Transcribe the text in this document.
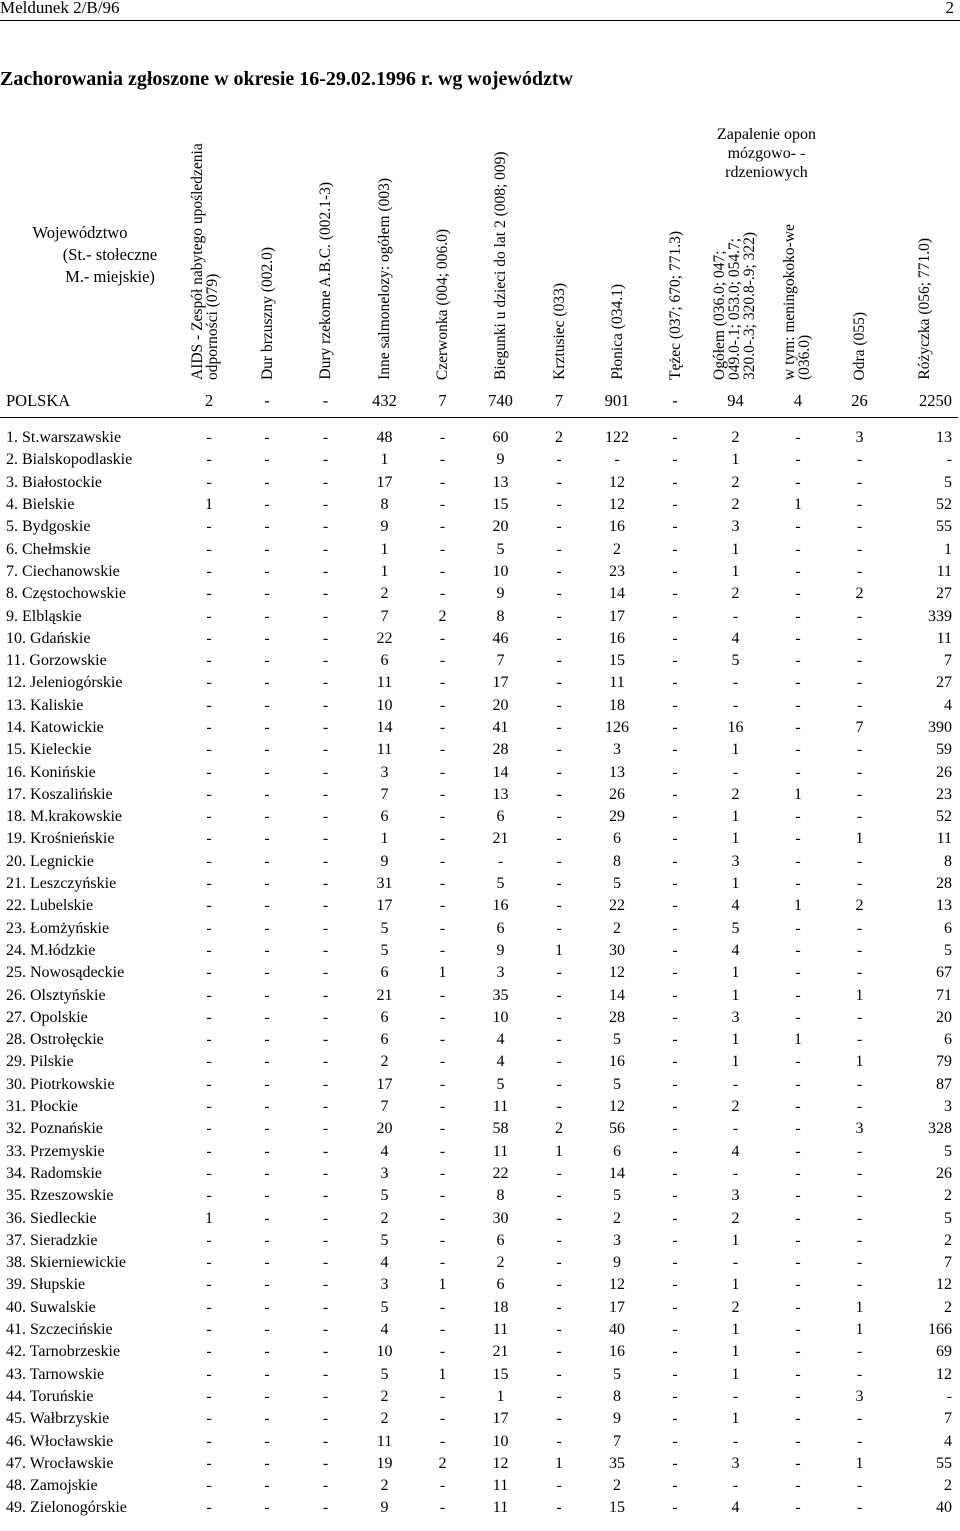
Meldunek 2/B/96	2
Zachorowania zgłoszone w okresie 16-29.02.1996 r. wg województw
Województwo
(St.- stołeczne
M.- miejskie)	AIDS - Zespół nabytego upośledzenia odporności (079)	Dur brzuszny (002.0)	Dury rzekome A.B.C. (002.1-3)	Inne salmonelozy: ogółem (003)	Czerwonka (004; 006.0)	Biegunki u dzieci do lat 2 (008; 009)	Krztusiec (033)	Płonica (034.1)	Tężec (037; 670; 771.3)	Zapalenie opon mózgowo- -rdzeniowych		Odra (055)	Różyczka (056; 771.0)
										Ogółem (036.0; 047; 049.0-.1; 053.0; 054.7; 320.0-.3; 320.8-.9; 322)	w tym: meningokoko-we (036.0)		
POLSKA	2	-	-	432	7	740	7	901	-	94	4	26	2250

1. St.warszawskie	-	-	-	48	-	60	2	122	-	2	-	3	13
2. Bialskopodlaskie	-	-	-	1	-	9	-	-	-	1	-	-	-
3. Białostockie	-	-	-	17	-	13	-	12	-	2	-	-	5
4. Bielskie	1	-	-	8	-	15	-	12	-	2	1	-	52
5. Bydgoskie	-	-	-	9	-	20	-	16	-	3	-	-	55
6. Chełmskie	-	-	-	1	-	5	-	2	-	1	-	-	1
7. Ciechanowskie	-	-	-	1	-	10	-	23	-	1	-	-	11
8. Częstochowskie	-	-	-	2	-	9	-	14	-	2	-	2	27
9. Elbląskie	-	-	-	7	2	8	-	17	-	-	-	-	339
10. Gdańskie	-	-	-	22	-	46	-	16	-	4	-	-	11
11. Gorzowskie	-	-	-	6	-	7	-	15	-	5	-	-	7
12. Jeleniogórskie	-	-	-	11	-	17	-	11	-	-	-	-	27
13. Kaliskie	-	-	-	10	-	20	-	18	-	-	-	-	4
14. Katowickie	-	-	-	14	-	41	-	126	-	16	-	7	390
15. Kieleckie	-	-	-	11	-	28	-	3	-	1	-	-	59
16. Konińskie	-	-	-	3	-	14	-	13	-	-	-	-	26
17. Koszalińskie	-	-	-	7	-	13	-	26	-	2	1	-	23
18. M.krakowskie	-	-	-	6	-	6	-	29	-	1	-	-	52
19. Krośnieńskie	-	-	-	1	-	21	-	6	-	1	-	1	11
20. Legnickie	-	-	-	9	-	-	-	8	-	3	-	-	8
21. Leszczyńskie	-	-	-	31	-	5	-	5	-	1	-	-	28
22. Lubelskie	-	-	-	17	-	16	-	22	-	4	1	2	13
23. Łomżyńskie	-	-	-	5	-	6	-	2	-	5	-	-	6
24. M.łódzkie	-	-	-	5	-	9	1	30	-	4	-	-	5
25. Nowosądeckie	-	-	-	6	1	3	-	12	-	1	-	-	67
26. Olsztyńskie	-	-	-	21	-	35	-	14	-	1	-	1	71
27. Opolskie	-	-	-	6	-	10	-	28	-	3	-	-	20
28. Ostrołęckie	-	-	-	6	-	4	-	5	-	1	1	-	6
29. Pilskie	-	-	-	2	-	4	-	16	-	1	-	1	79
30. Piotrkowskie	-	-	-	17	-	5	-	5	-	-	-	-	87
31. Płockie	-	-	-	7	-	11	-	12	-	2	-	-	3
32. Poznańskie	-	-	-	20	-	58	2	56	-	-	-	3	328
33. Przemyskie	-	-	-	4	-	11	1	6	-	4	-	-	5
34. Radomskie	-	-	-	3	-	22	-	14	-	-	-	-	26
35. Rzeszowskie	-	-	-	5	-	8	-	5	-	3	-	-	2
36. Siedleckie	1	-	-	2	-	30	-	2	-	2	-	-	5
37. Sieradzkie	-	-	-	5	-	6	-	3	-	1	-	-	2
38. Skierniewickie	-	-	-	4	-	2	-	9	-	-	-	-	7
39. Słupskie	-	-	-	3	1	6	-	12	-	1	-	-	12
40. Suwalskie	-	-	-	5	-	18	-	17	-	2	-	1	2
41. Szczecińskie	-	-	-	4	-	11	-	40	-	1	-	1	166
42. Tarnobrzeskie	-	-	-	10	-	21	-	16	-	1	-	-	69
43. Tarnowskie	-	-	-	5	1	15	-	5	-	1	-	-	12
44. Toruńskie	-	-	-	2	-	1	-	8	-	-	-	3	-
45. Wałbrzyskie	-	-	-	2	-	17	-	9	-	1	-	-	7
46. Włocławskie	-	-	-	11	-	10	-	7	-	-	-	-	4
47. Wrocławskie	-	-	-	19	2	12	1	35	-	3	-	1	55
48. Zamojskie	-	-	-	2	-	11	-	2	-	-	-	-	2
49. Zielonogórskie	-	-	-	9	-	11	-	15	-	4	-	-	40
